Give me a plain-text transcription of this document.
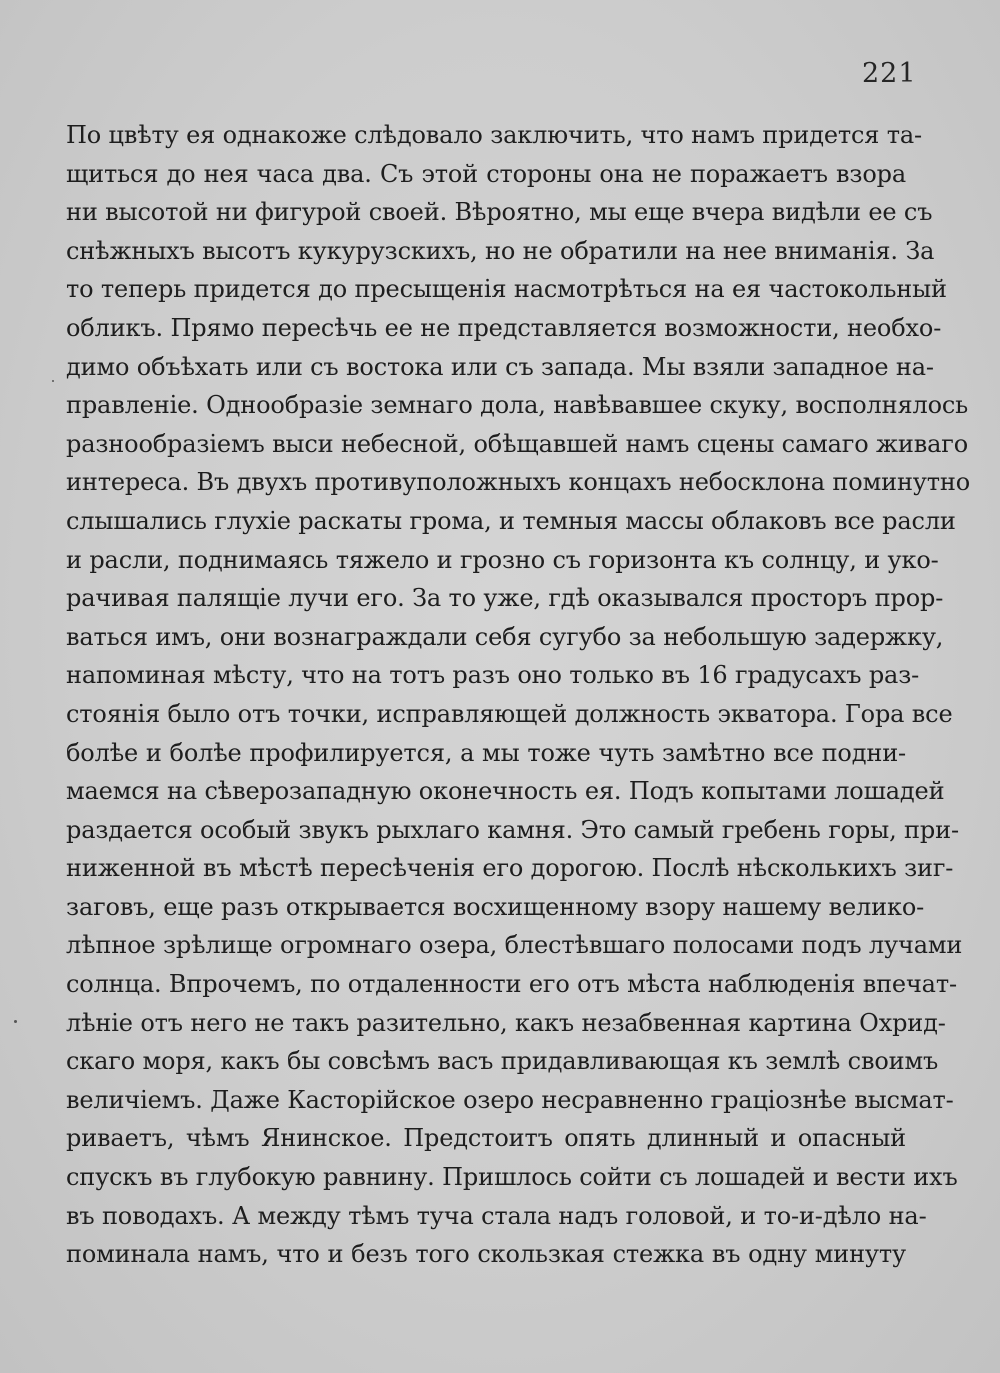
221
По цвѣту ея однакоже слѣдовало заключить, что намъ придется та-
щиться до нея часа два. Съ этой стороны она не поражаетъ взора
ни высотой ни фигурой своей. Вѣроятно, мы еще вчера видѣли ее съ
снѣжныхъ высотъ кукурузскихъ, но не обратили на нее вниманія. За
то теперь придется до пресыщенія насмотрѣться на ея частокольный
обликъ. Прямо пересѣчь ее не представляется возможности, необхо-
димо объѣхать или съ востока или съ запада. Мы взяли западное на-
правленіе. Однообразіе земнаго дола, навѣвавшее скуку, восполнялось
разнообразіемъ выси небесной, обѣщавшей намъ сцены самаго живаго
интереса. Въ двухъ противуположныхъ концахъ небосклона поминутно
слышались глухіе раскаты грома, и темныя массы облаковъ все расли
и расли, поднимаясь тяжело и грозно съ горизонта къ солнцу, и уко-
рачивая палящіе лучи его. За то уже, гдѣ оказывался просторъ прор-
ваться имъ, они вознаграждали себя сугубо за небольшую задержку,
напоминая мѣсту, что на тотъ разъ оно только въ 16 градусахъ раз-
стоянія было отъ точки, исправляющей должность экватора. Гора все
болѣе и болѣе профилируется, а мы тоже чуть замѣтно все подни-
маемся на сѣверозападную оконечность ея. Подъ копытами лошадей
раздается особый звукъ рыхлаго камня. Это самый гребень горы, при-
ниженной въ мѣстѣ пересѣченія его дорогою. Послѣ нѣсколькихъ зиг-
заговъ, еще разъ открывается восхищенному взору нашему велико-
лѣпное зрѣлище огромнаго озера, блестѣвшаго полосами подъ лучами
солнца. Впрочемъ, по отдаленности его отъ мѣста наблюденія впечат-
лѣніе отъ него не такъ разительно, какъ незабвенная картина Охрид-
скаго моря, какъ бы совсѣмъ васъ придавливающая къ землѣ своимъ
величіемъ. Даже Касторійское озеро несравненно граціознѣе высмат-
риваетъ, чѣмъ Янинское. Предстоитъ опять длинный и опасный
спускъ въ глубокую равнину. Пришлось сойти съ лошадей и вести ихъ
въ поводахъ. А между тѣмъ туча стала надъ головой, и то-и-дѣло на-
поминала намъ, что и безъ того скользкая стежка въ одну минуту
